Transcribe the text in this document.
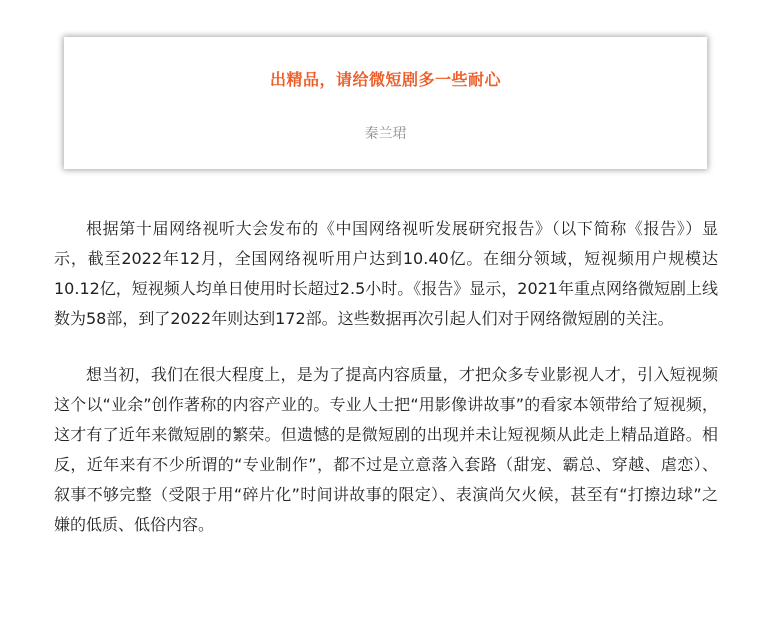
出精品，请给微短剧多一些耐心
秦兰珺

根据第十届网络视听大会发布的《中国网络视听发展研究报告》（以下简称《报告》）显示，截至2022年12月，全国网络视听用户达到10.40亿。在细分领域，短视频用户规模达10.12亿，短视频人均单日使用时长超过2.5小时。《报告》显示，2021年重点网络微短剧上线数为58部，到了2022年则达到172部。这些数据再次引起人们对于网络微短剧的关注。

想当初，我们在很大程度上，是为了提高内容质量，才把众多专业影视人才，引入短视频这个以“业余”创作著称的内容产业的。专业人士把“用影像讲故事”的看家本领带给了短视频，这才有了近年来微短剧的繁荣。但遗憾的是微短剧的出现并未让短视频从此走上精品道路。相反，近年来有不少所谓的“专业制作”，都不过是立意落入套路（甜宠、霸总、穿越、虐恋）、叙事不够完整（受限于用“碎片化”时间讲故事的限定）、表演尚欠火候，甚至有“打擦边球”之嫌的低质、低俗内容。
